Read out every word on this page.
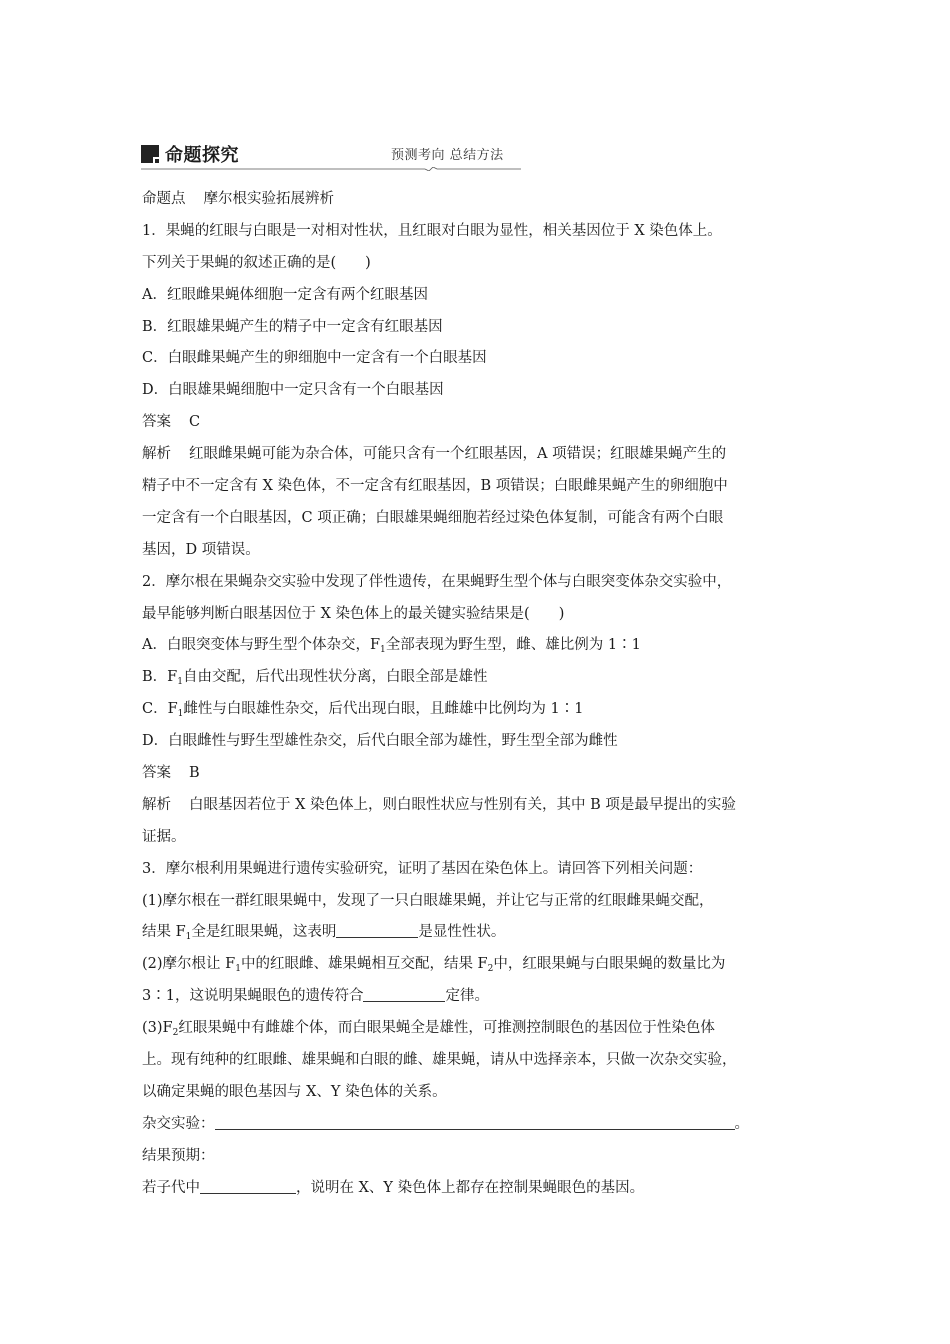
命题探究	预测考向 总结方法
命题点 摩尔根实验拓展辨析
1．果蝇的红眼与白眼是一对相对性状，且红眼对白眼为显性，相关基因位于 X 染色体上。
下列关于果蝇的叙述正确的是(　　)
A．红眼雌果蝇体细胞一定含有两个红眼基因
B．红眼雄果蝇产生的精子中一定含有红眼基因
C．白眼雌果蝇产生的卵细胞中一定含有一个白眼基因
D．白眼雄果蝇细胞中一定只含有一个白眼基因
答案 C
解析 红眼雌果蝇可能为杂合体，可能只含有一个红眼基因，A 项错误；红眼雄果蝇产生的
精子中不一定含有 X 染色体，不一定含有红眼基因，B 项错误；白眼雌果蝇产生的卵细胞中
一定含有一个白眼基因，C 项正确；白眼雄果蝇细胞若经过染色体复制，可能含有两个白眼
基因，D 项错误。
2．摩尔根在果蝇杂交实验中发现了伴性遗传，在果蝇野生型个体与白眼突变体杂交实验中，
最早能够判断白眼基因位于 X 染色体上的最关键实验结果是(　　)
A．白眼突变体与野生型个体杂交，$F_1$全部表现为野生型，雌、雄比例为 1∶1
B．$F_1$自由交配，后代出现性状分离，白眼全部是雄性
C．$F_1$雌性与白眼雄性杂交，后代出现白眼，且雌雄中比例均为 1∶1
D．白眼雌性与野生型雄性杂交，后代白眼全部为雄性，野生型全部为雌性
答案 B
解析 白眼基因若位于 X 染色体上，则白眼性状应与性别有关，其中 B 项是最早提出的实验
证据。
3．摩尔根利用果蝇进行遗传实验研究，证明了基因在染色体上。请回答下列相关问题：
(1)摩尔根在一群红眼果蝇中，发现了一只白眼雄果蝇，并让它与正常的红眼雌果蝇交配，
结果 $F_1$全是红眼果蝇，这表明	是显性性状。
(2)摩尔根让 $F_1$中的红眼雌、雄果蝇相互交配，结果 $F_2$中，红眼果蝇与白眼果蝇的数量比为
3∶1，这说明果蝇眼色的遗传符合	定律。
$(3)F_2$红眼果蝇中有雌雄个体，而白眼果蝇全是雄性，可推测控制眼色的基因位于性染色体
上。现有纯种的红眼雌、雄果蝇和白眼的雌、雄果蝇，请从中选择亲本，只做一次杂交实验，
以确定果蝇的眼色基因与 X、Y 染色体的关系。
杂交实验：	。
结果预期：
若子代中	，说明在 X、Y 染色体上都存在控制果蝇眼色的基因。
